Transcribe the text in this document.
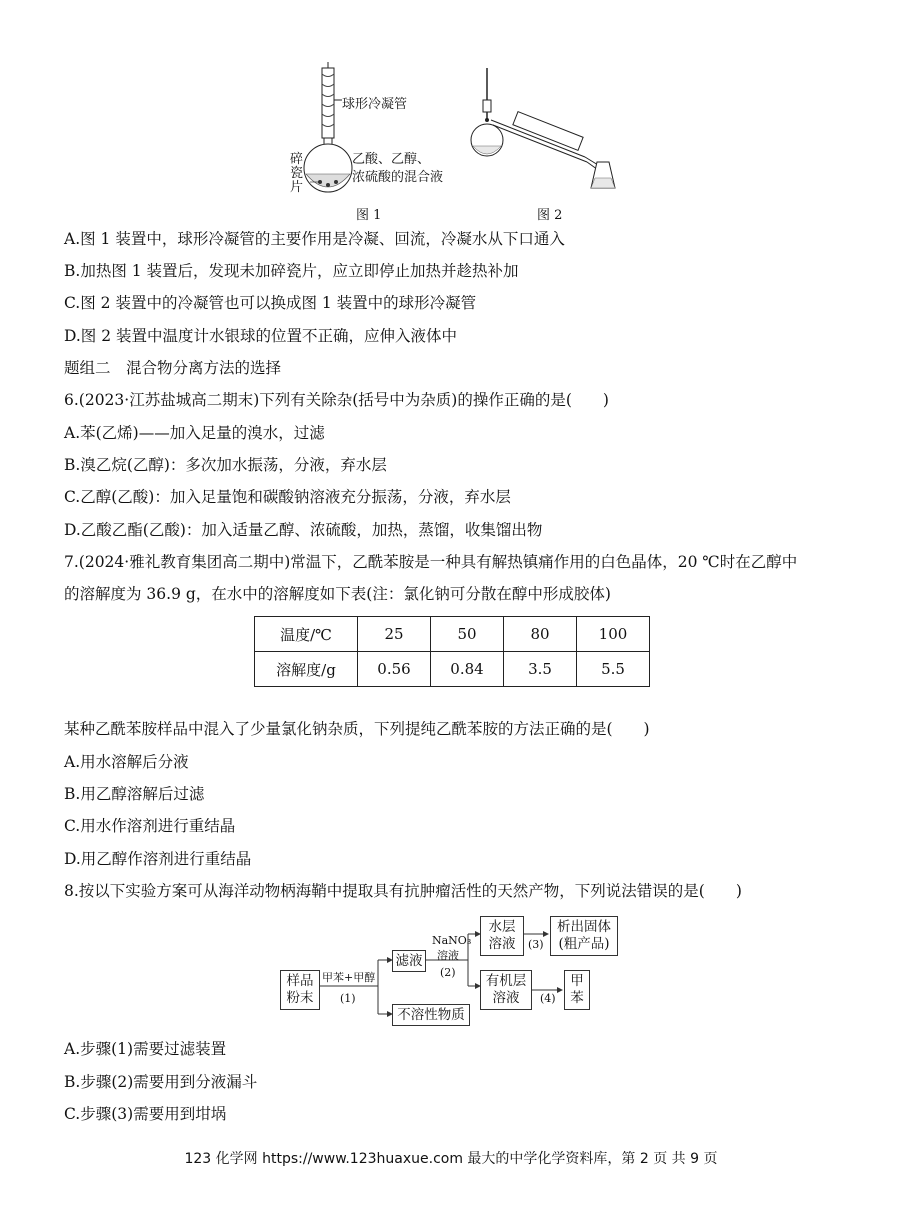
球形冷凝管
碎
瓷
片
乙酸、乙醇、
浓硫酸的混合液
图 1	图 2
A.图 1 装置中，球形冷凝管的主要作用是冷凝、回流，冷凝水从下口通入
B.加热图 1 装置后，发现未加碎瓷片，应立即停止加热并趁热补加
C.图 2 装置中的冷凝管也可以换成图 1 装置中的球形冷凝管
D.图 2 装置中温度计水银球的位置不正确，应伸入液体中
题组二　混合物分离方法的选择
6.(2023·江苏盐城高二期末)下列有关除杂(括号中为杂质)的操作正确的是(　　)
A.苯(乙烯)——加入足量的溴水，过滤
B.溴乙烷(乙醇)：多次加水振荡，分液，弃水层
C.乙醇(乙酸)：加入足量饱和碳酸钠溶液充分振荡，分液，弃水层
D.乙酸乙酯(乙酸)：加入适量乙醇、浓硫酸，加热，蒸馏，收集馏出物
7.(2024·雅礼教育集团高二期中)常温下，乙酰苯胺是一种具有解热镇痛作用的白色晶体，20 ℃时在乙醇中
的溶解度为 36.9 g，在水中的溶解度如下表(注：氯化钠可分散在醇中形成胶体)
温度/℃	25	50	80	100
溶解度/g	0.56	0.84	3.5	5.5
某种乙酰苯胺样品中混入了少量氯化钠杂质，下列提纯乙酰苯胺的方法正确的是(　　)
A.用水溶解后分液
B.用乙醇溶解后过滤
C.用水作溶剂进行重结晶
D.用乙醇作溶剂进行重结晶
8.按以下实验方案可从海洋动物柄海鞘中提取具有抗肿瘤活性的天然产物，下列说法错误的是(　　)
样品
粉末
甲苯+甲醇
(1)
滤液
不溶性物质
NaNO₃
溶液
(2)
水层
溶液 (3)
析出固体
(粗产品)
有机层
溶液 (4)
甲
苯
A.步骤(1)需要过滤装置
B.步骤(2)需要用到分液漏斗
C.步骤(3)需要用到坩埚
123 化学网 https://www.123huaxue.com 最大的中学化学资料库，第 2 页 共 9 页
